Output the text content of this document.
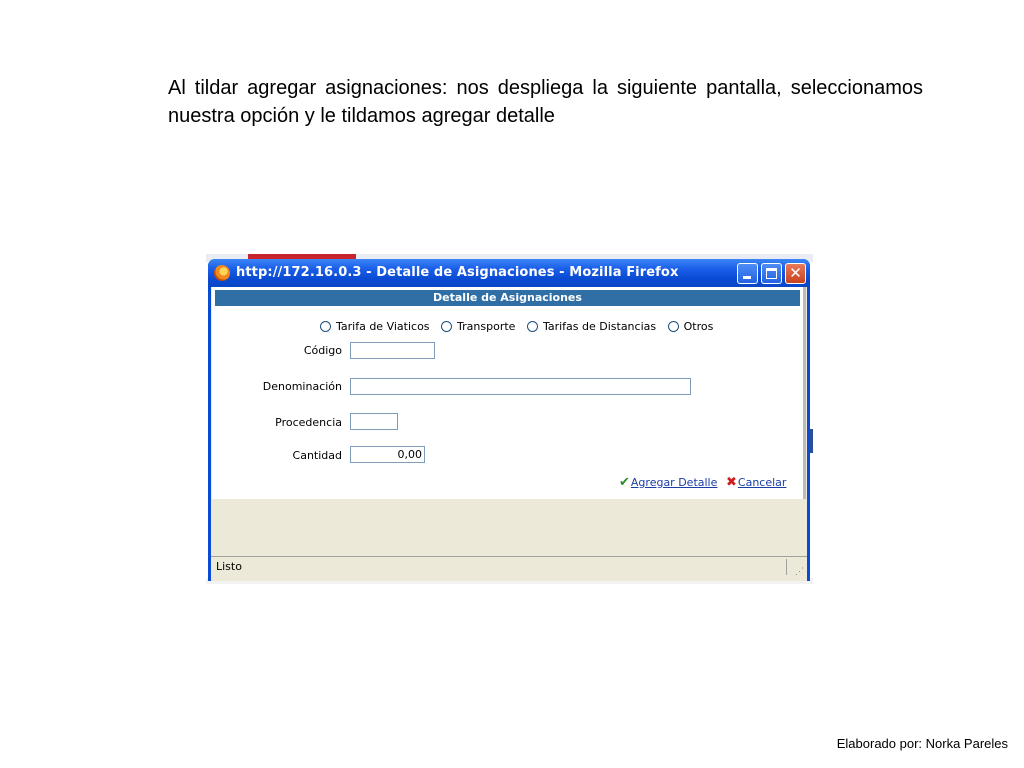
Al tildar agregar asignaciones: nos despliega la siguiente pantalla, seleccionamos nuestra opción y le tildamos agregar detalle

http://172.16.0.3 - Detalle de Asignaciones - Mozilla Firefox	✕
Detalle de Asignaciones
Tarifa de Viaticos
	Transporte
	Tarifas de Distancias
	Otros
Código
Denominación
Procedencia
Cantidad	0,00
✔Agregar Detalle ✖Cancelar
Listo	⋰
Elaborado por: Norka Pareles
